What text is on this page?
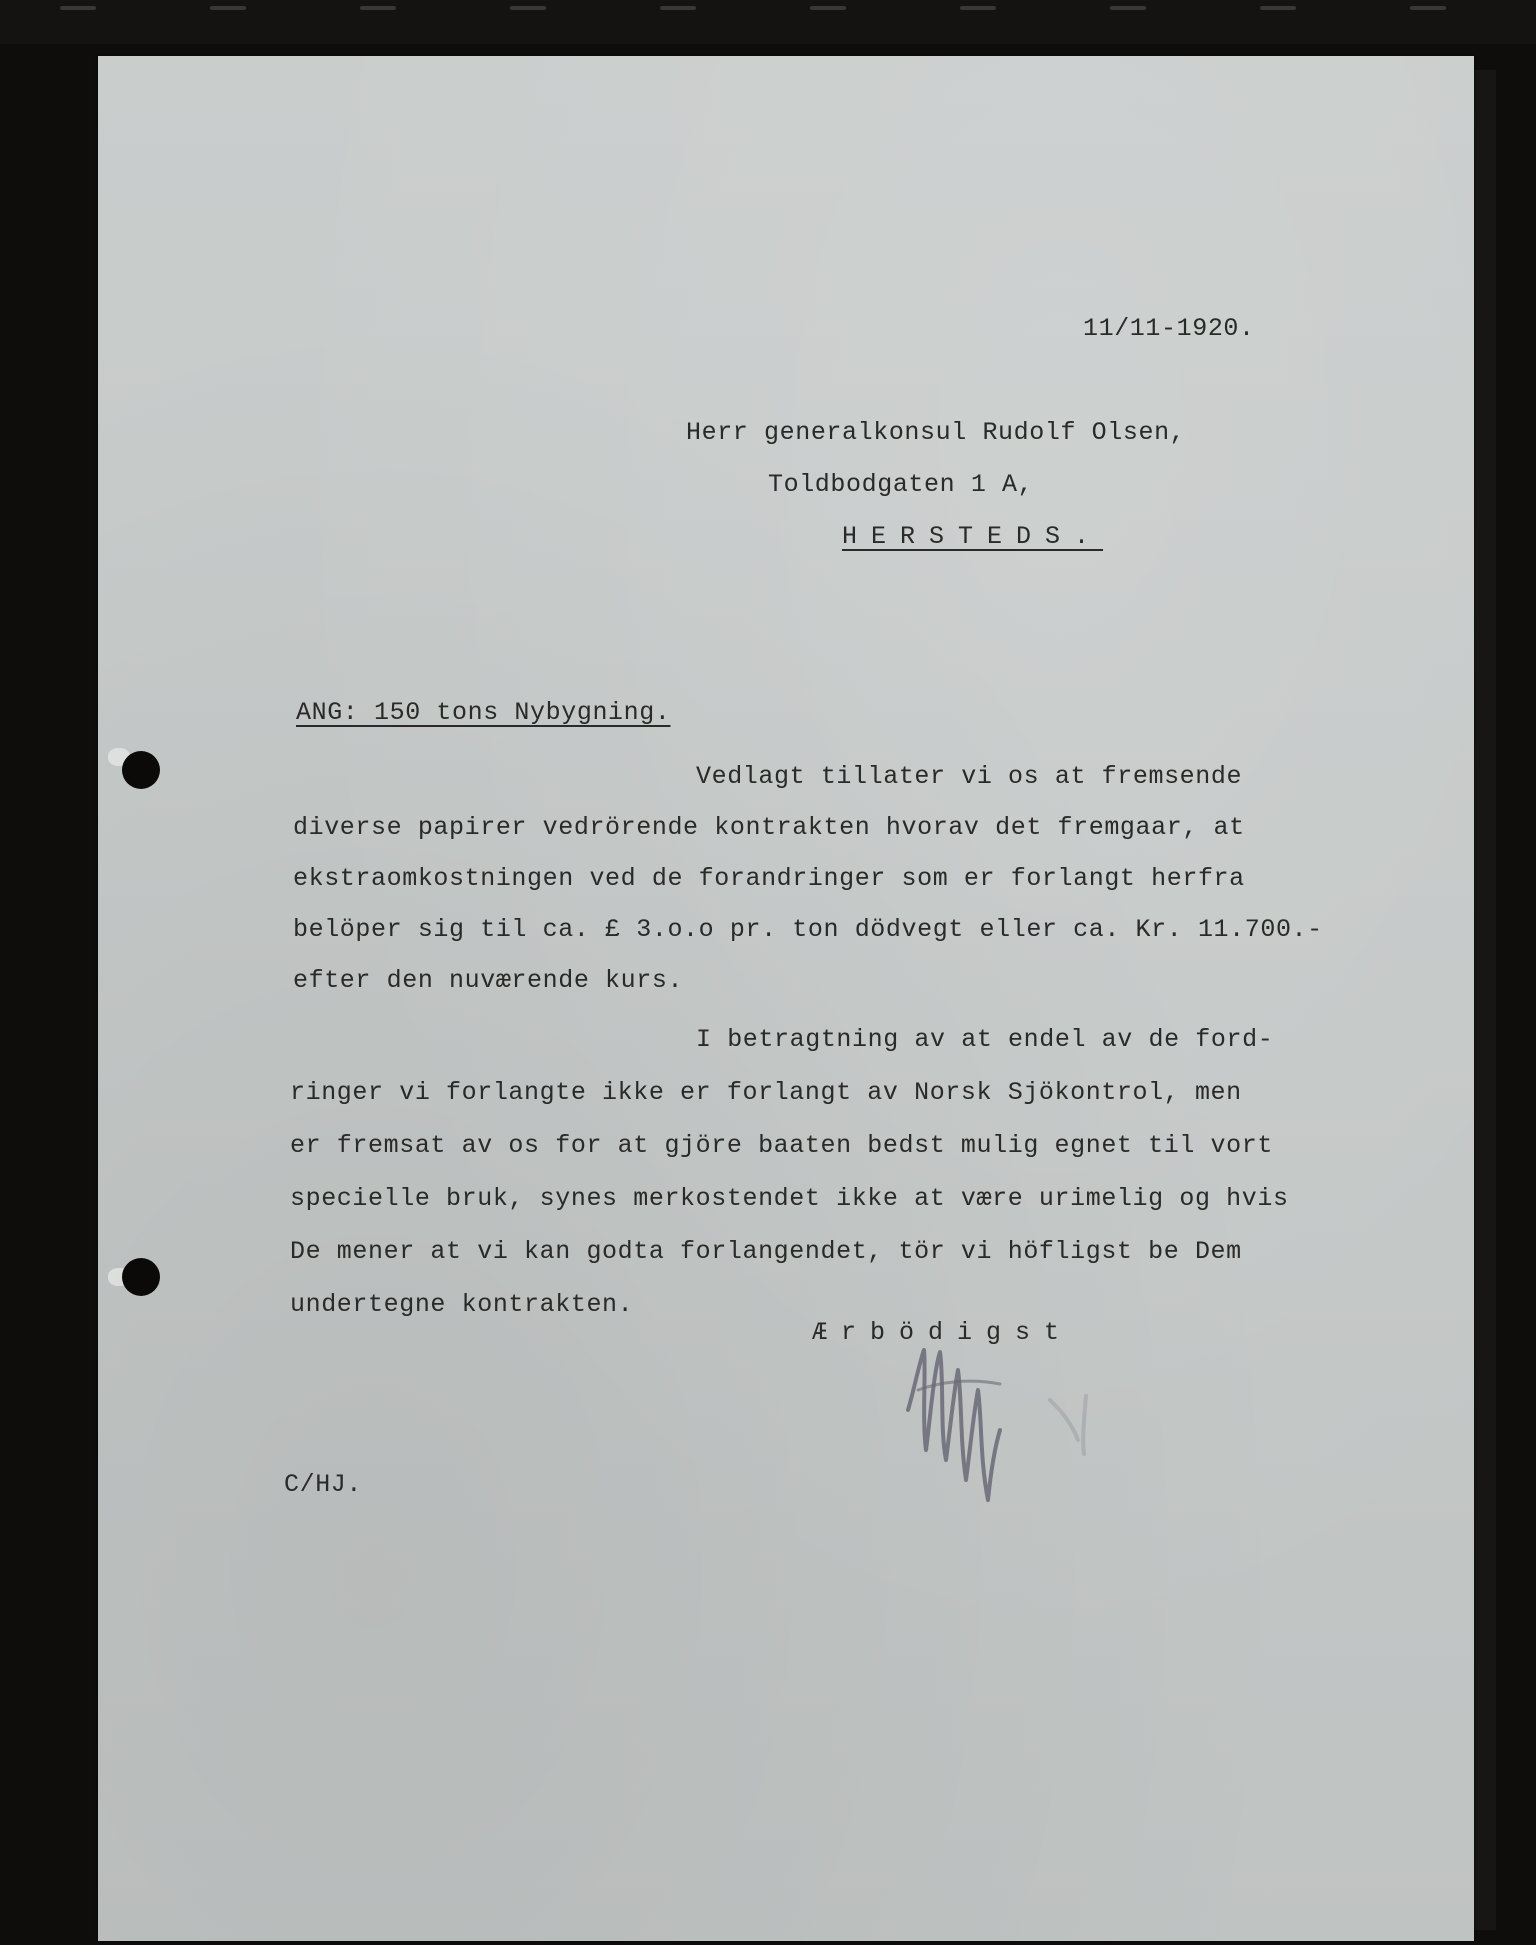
11/11-1920.
Herr generalkonsul Rudolf Olsen,
Toldbodgaten 1 A,
HERSTEDS.
ANG: 150 tons Nybygning.
Vedlagt tillater vi os at fremsende
diverse papirer vedrörende kontrakten hvorav det fremgaar, at
ekstraomkostningen ved de forandringer som er forlangt herfra
belöper sig til ca. £ 3.o.o pr. ton dödvegt eller ca. Kr. 11.700.-
efter den nuværende kurs.
I betragtning av at endel av de ford-
ringer vi forlangte ikke er forlangt av Norsk Sjökontrol, men
er fremsat av os for at gjöre baaten bedst mulig egnet til vort
specielle bruk, synes merkostendet ikke at være urimelig og hvis
De mener at vi kan godta forlangendet, tör vi höfligst be Dem
undertegne kontrakten.
Ærbödigst
C/HJ.
